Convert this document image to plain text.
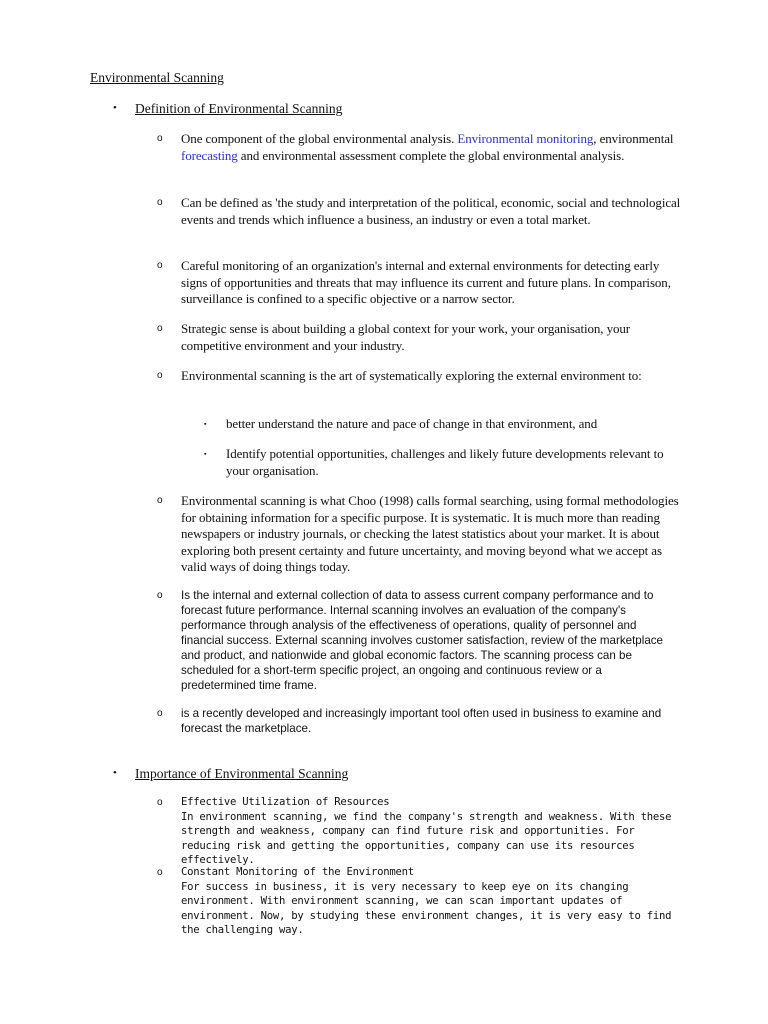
Environmental Scanning
• Definition of Environmental Scanning
o One component of the global environmental analysis. Environmental monitoring, environmental forecasting and environmental assessment complete the global environmental analysis.
o Can be defined as 'the study and interpretation of the political, economic, social and technological events and trends which influence a business, an industry or even a total market.
o Careful monitoring of an organization's internal and external environments for detecting early signs of opportunities and threats that may influence its current and future plans. In comparison, surveillance is confined to a specific objective or a narrow sector.
o Strategic sense is about building a global context for your work, your organisation, your competitive environment and your industry.
o Environmental scanning is the art of systematically exploring the external environment to:
▪ better understand the nature and pace of change in that environment, and
▪ Identify potential opportunities, challenges and likely future developments relevant to your organisation.
o Environmental scanning is what Choo (1998) calls formal searching, using formal methodologies for obtaining information for a specific purpose. It is systematic. It is much more than reading newspapers or industry journals, or checking the latest statistics about your market. It is about exploring both present certainty and future uncertainty, and moving beyond what we accept as valid ways of doing things today.
o Is the internal and external collection of data to assess current company performance and to forecast future performance. Internal scanning involves an evaluation of the company's performance through analysis of the effectiveness of operations, quality of personnel and financial success. External scanning involves customer satisfaction, review of the marketplace and product, and nationwide and global economic factors. The scanning process can be scheduled for a short-term specific project, an ongoing and continuous review or a predetermined time frame.
o is a recently developed and increasingly important tool often used in business to examine and forecast the marketplace.
• Importance of Environmental Scanning
o Effective Utilization of Resources
In environment scanning, we find the company's strength and weakness. With these strength and weakness, company can find future risk and opportunities. For reducing risk and getting the opportunities, company can use its resources effectively.
o Constant Monitoring of the Environment
For success in business, it is very necessary to keep eye on its changing environment. With environment scanning, we can scan important updates of environment. Now, by studying these environment changes, it is very easy to find the challenging way.
